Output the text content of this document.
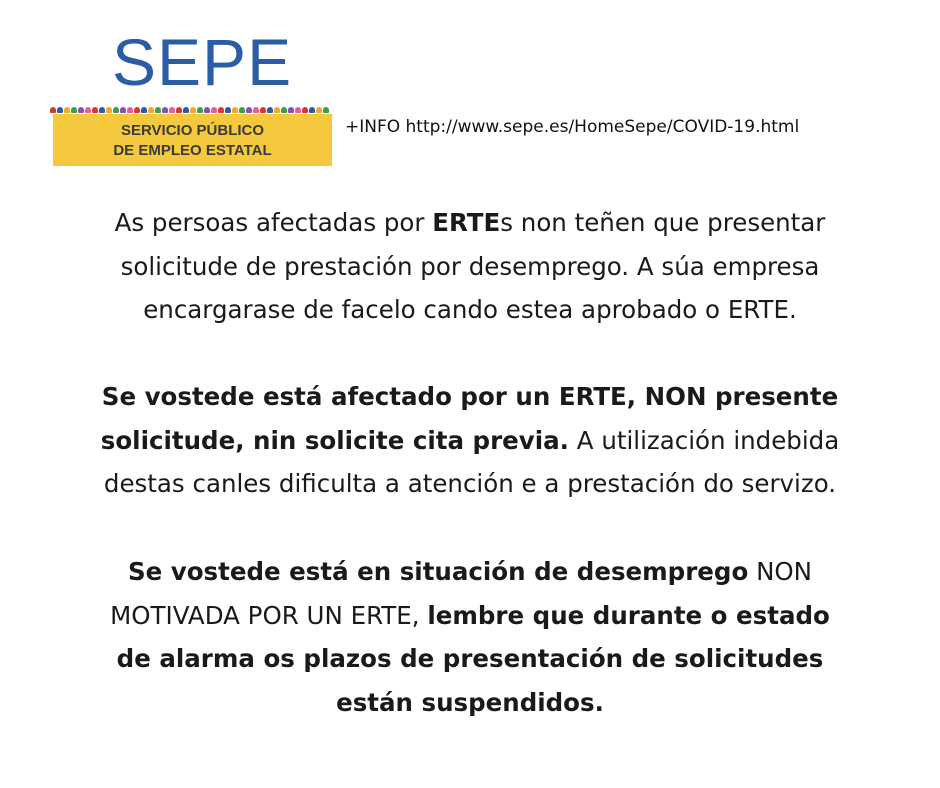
SEPE
SERVICIO PÚBLICO
DE EMPLEO ESTATAL
+INFO http://www.sepe.es/HomeSepe/COVID-19.html
As persoas afectadas por ERTEs non teñen que presentar
solicitude de prestación por desemprego. A súa empresa
encargarase de facelo cando estea aprobado o ERTE.
Se vostede está afectado por un ERTE, NON presente
solicitude, nin solicite cita previa. A utilización indebida
destas canles dificulta a atención e a prestación do servizo.
Se vostede está en situación de desemprego NON
MOTIVADA POR UN ERTE, lembre que durante o estado
de alarma os plazos de presentación de solicitudes
están suspendidos.
